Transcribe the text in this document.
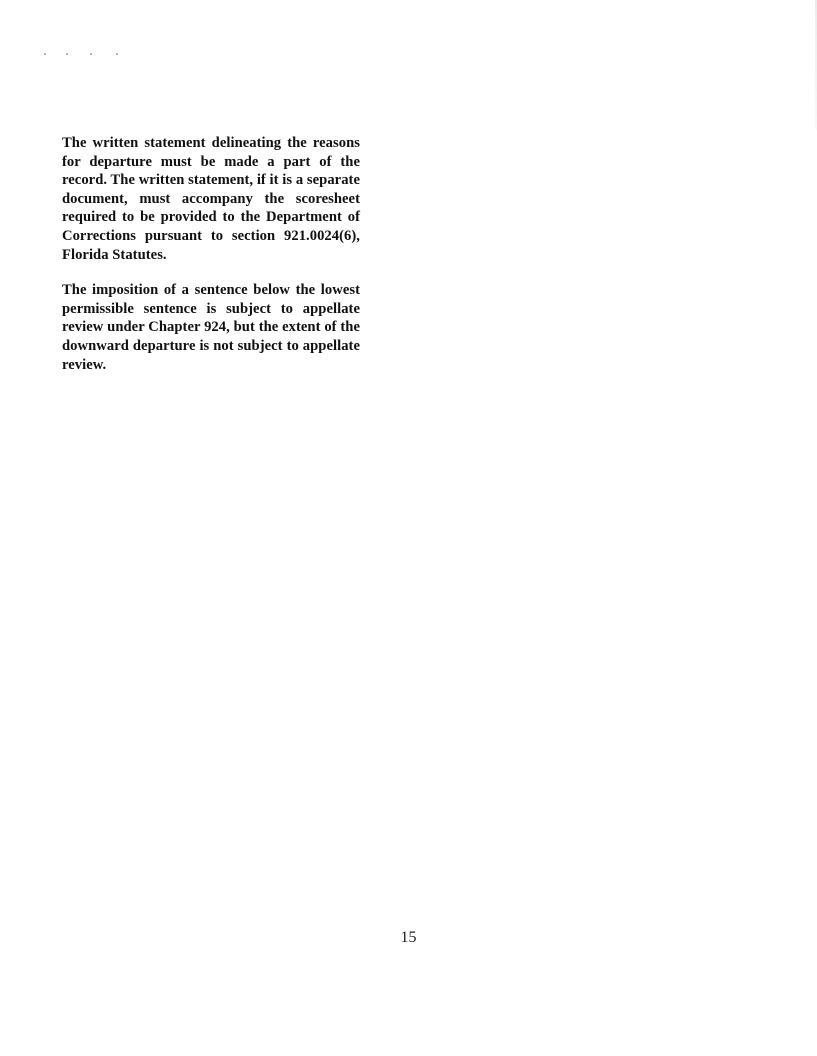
The written statement delineating the reasons for departure must be made a part of the record. The written statement, if it is a separate document, must accompany the scoresheet required to be provided to the Department of Corrections pursuant to section 921.0024(6), Florida Statutes.

The imposition of a sentence below the lowest permissible sentence is subject to appellate review under Chapter 924, but the extent of the downward departure is not subject to appellate review.

15
